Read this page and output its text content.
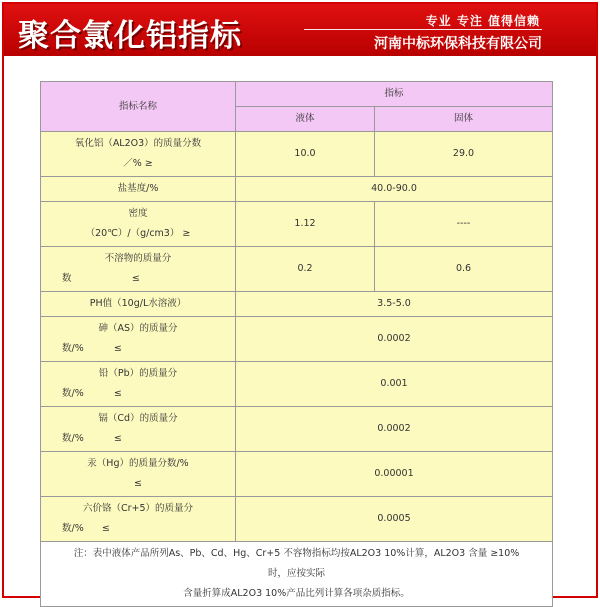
聚合氯化铝指标	专业 专注 值得信赖
河南中标环保科技有限公司
指标名称	指标	
	液体	固体

氧化铝（AL2O3）的质量分数
／% ≥	10.0	29.0
盐基度/%	40.0-90.0	

密度
（20℃）/（g/cm3） ≥	1.12	----

不溶物的质量分
数                    ≤	0.2	0.6
PH值（10g/L水溶液）	3.5-5.0	

砷（AS）的质量分
数/%          ≤	0.0002	

铅（Pb）的质量分
数/%          ≤	0.001	

镉（Cd）的质量分
数/%          ≤	0.0002	

汞（Hg）的质量分数/%
≤	0.00001	

六价铬（Cr+5）的质量分
数/%      ≤	0.0005	

注：表中液体产品所列As、Pb、Cd、Hg、Cr+5 不容物指标均按AL2O3 10%计算，AL2O3 含量 ≥10%
时，应按实际
含量折算成AL2O3 10%产品比列计算各项杂质指标。		
